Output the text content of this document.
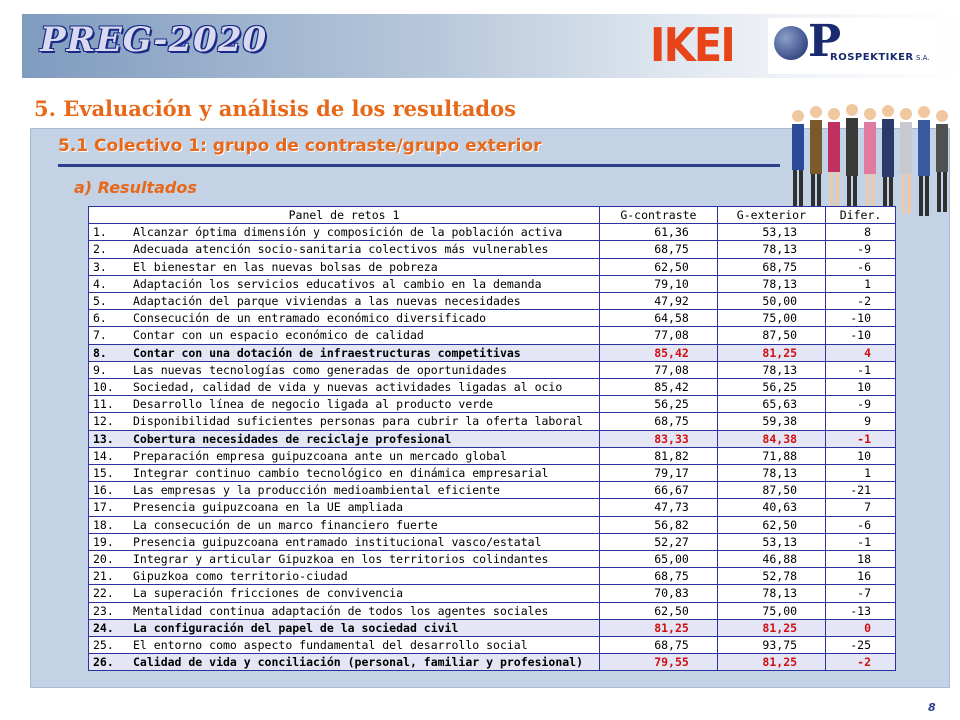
PREG-2020	IKEI P
ROSPEKTIKER S.A.
5. Evaluación y análisis de los resultados
5.1 Colectivo 1: grupo de contraste/grupo exterior
a) Resultados
Panel de retos 1	G-contraste	G-exterior	Difer.
1. Alcanzar óptima dimensión y composición de la población activa	61,36	53,13	8
2. Adecuada atención socio-sanitaria colectivos más vulnerables	68,75	78,13	-9
3. El bienestar en las nuevas bolsas de pobreza	62,50	68,75	-6
4. Adaptación los servicios educativos al cambio en la demanda	79,10	78,13	1
5. Adaptación del parque viviendas a las nuevas necesidades	47,92	50,00	-2
6. Consecución de un entramado económico diversificado	64,58	75,00	-10
7. Contar con un espacio económico de calidad	77,08	87,50	-10
8. Contar con una dotación de infraestructuras competitivas	85,42	81,25	4
9. Las nuevas tecnologías como generadas de oportunidades	77,08	78,13	-1
10. Sociedad, calidad de vida y nuevas actividades ligadas al ocio	85,42	56,25	10
11. Desarrollo línea de negocio ligada al producto verde	56,25	65,63	-9
12. Disponibilidad suficientes personas para cubrir la oferta laboral	68,75	59,38	9
13. Cobertura necesidades de reciclaje profesional	83,33	84,38	-1
14. Preparación empresa guipuzcoana ante un mercado global	81,82	71,88	10
15. Integrar continuo cambio tecnológico en dinámica empresarial	79,17	78,13	1
16. Las empresas y la producción medioambiental eficiente	66,67	87,50	-21
17. Presencia guipuzcoana en la UE ampliada	47,73	40,63	7
18. La consecución de un marco financiero fuerte	56,82	62,50	-6
19. Presencia guipuzcoana entramado institucional vasco/estatal	52,27	53,13	-1
20. Integrar y articular Gipuzkoa en los territorios colindantes	65,00	46,88	18
21. Gipuzkoa como territorio-ciudad	68,75	52,78	16
22. La superación fricciones de convivencia	70,83	78,13	-7
23. Mentalidad continua adaptación de todos los agentes sociales	62,50	75,00	-13
24. La configuración del papel de la sociedad civil	81,25	81,25	0
25. El entorno como aspecto fundamental del desarrollo social	68,75	93,75	-25
26. Calidad de vida y conciliación (personal, familiar y profesional)	79,55	81,25	-2
8
